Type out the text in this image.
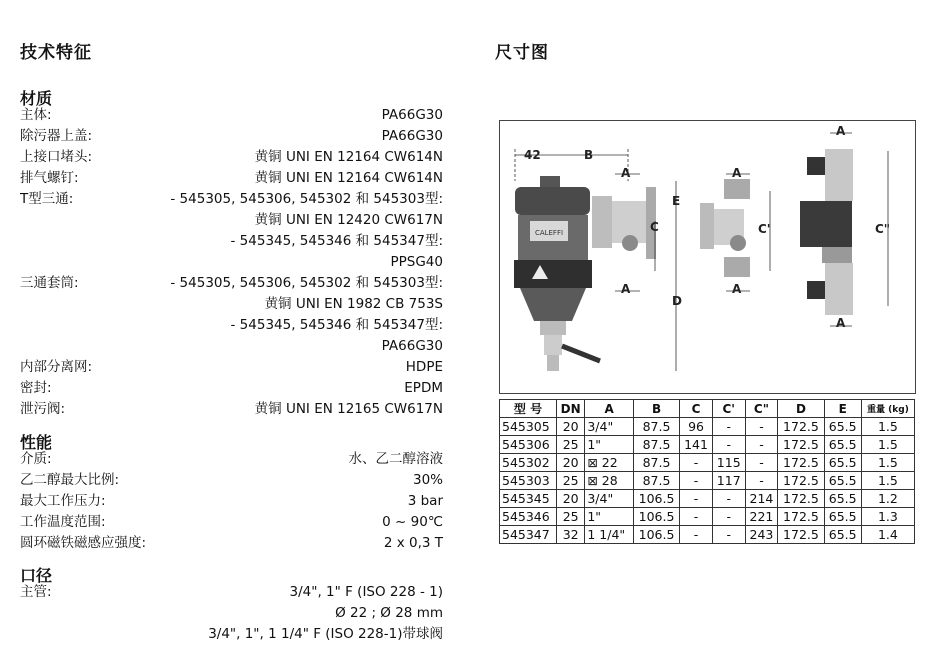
技术特征	尺寸图
材质
主体:	PA66G30
除污器上盖:	PA66G30
上接口堵头:	黄铜 UNI EN 12164 CW614N
排气螺钉:	黄铜 UNI EN 12164 CW614N
T型三通:	- 545305, 545306, 545302 和 545303型:
黄铜 UNI EN 12420 CW617N
- 545345, 545346 和 545347型:
PPSG40
三通套筒:	- 545305, 545306, 545302 和 545303型:
黄铜 UNI EN 1982 CB 753S
- 545345, 545346 和 545347型:
PA66G30
内部分离网:	HDPE
密封:	EPDM
泄污阀:	黄铜 UNI EN 12165 CW617N
性能
介质:	水、乙二醇溶液
乙二醇最大比例:	30%
最大工作压力:	3 bar
工作温度范围:	0 ~ 90℃
圆环磁铁磁感应强度:	2 x 0,3 T
口径
主管:	3/4", 1" F (ISO 228 - 1)
Ø 22 ; Ø 28 mm
3/4", 1", 1 1/4" F (ISO 228-1)带球阀
CALEFFI
42	B
A
A
E
C
D
A
A
C'
A
A
C"
型 号	DN	A	B	C	C'	C"	D	E	重量 (kg)
545305	20	3/4"	87.5	96	-	-	172.5	65.5	1.5
545306	25	1"	87.5	141	-	-	172.5	65.5	1.5
545302	20	⊠ 22	87.5	-	115	-	172.5	65.5	1.5
545303	25	⊠ 28	87.5	-	117	-	172.5	65.5	1.5
545345	20	3/4"	106.5	-	-	214	172.5	65.5	1.2
545346	25	1"	106.5	-	-	221	172.5	65.5	1.3
545347	32	1 1/4"	106.5	-	-	243	172.5	65.5	1.4
